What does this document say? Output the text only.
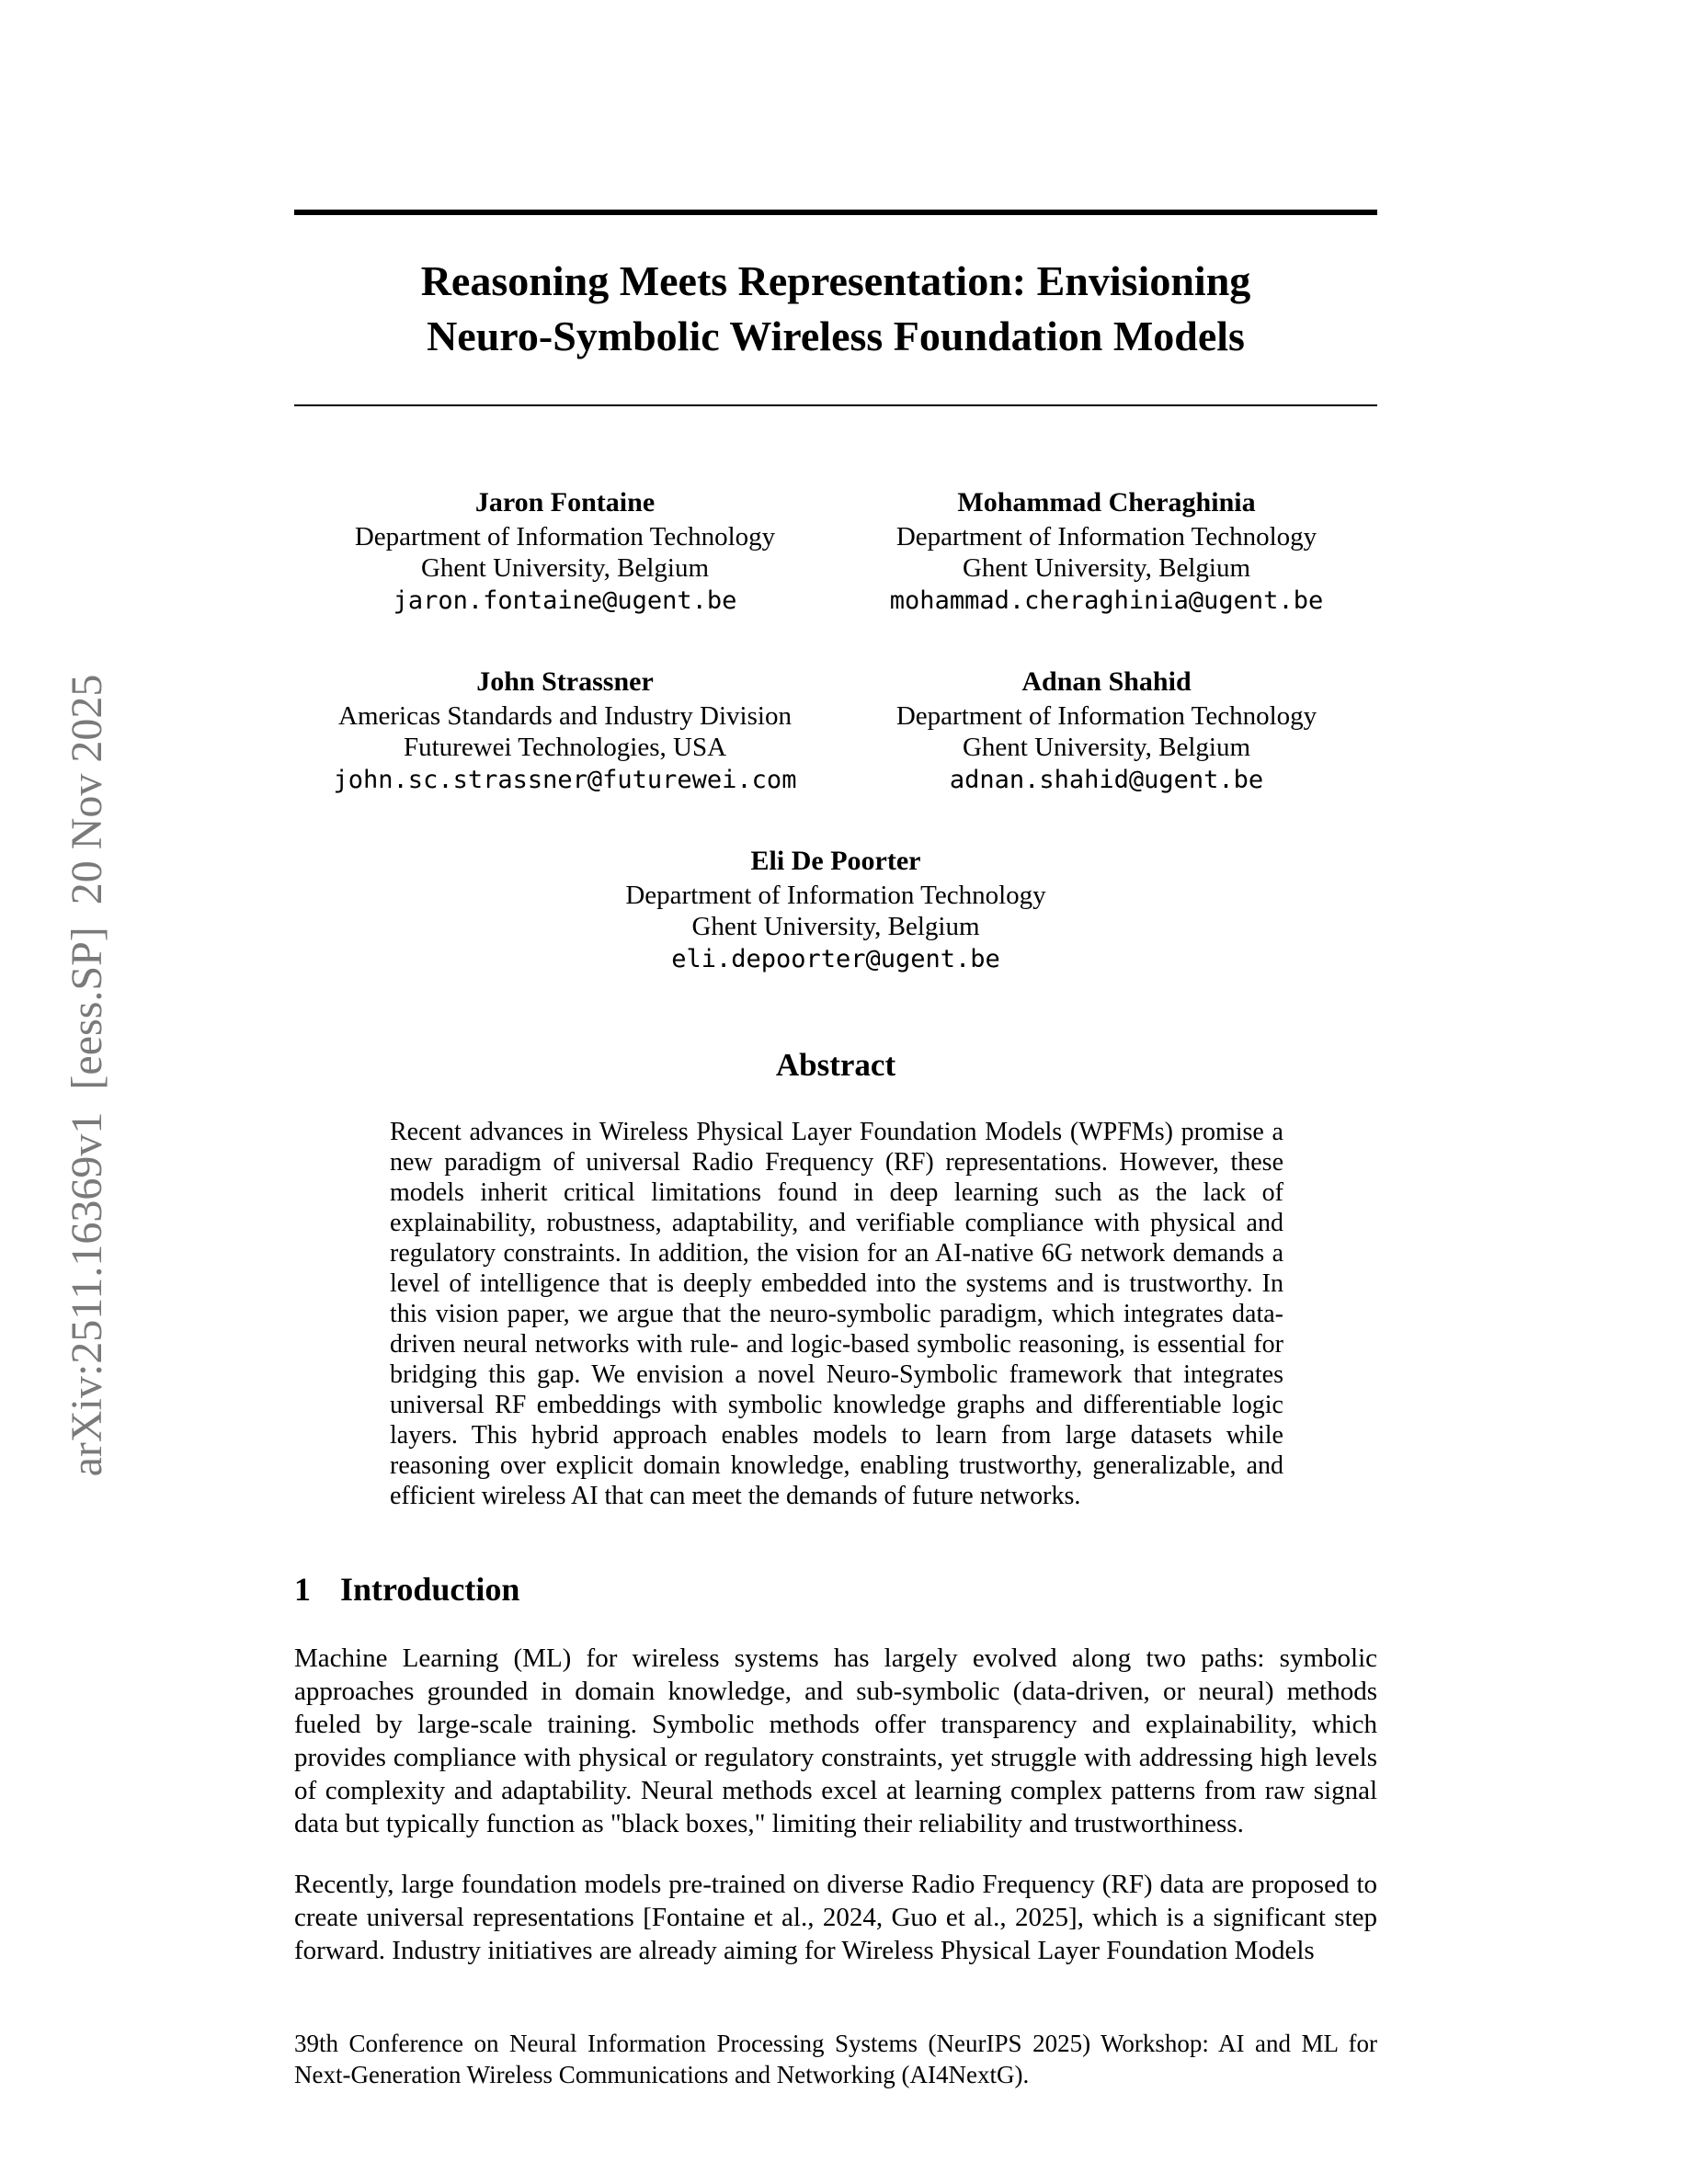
arXiv:2511.16369v1  [eess.SP]  20 Nov 2025
Reasoning Meets Representation: Envisioning
Neuro-Symbolic Wireless Foundation Models
Jaron Fontaine
Department of Information Technology
Ghent University, Belgium
jaron.fontaine@ugent.be
Mohammad Cheraghinia
Department of Information Technology
Ghent University, Belgium
mohammad.cheraghinia@ugent.be
John Strassner
Americas Standards and Industry Division
Futurewei Technologies, USA
john.sc.strassner@futurewei.com
Adnan Shahid
Department of Information Technology
Ghent University, Belgium
adnan.shahid@ugent.be
Eli De Poorter
Department of Information Technology
Ghent University, Belgium
eli.depoorter@ugent.be
Abstract

Recent advances in Wireless Physical Layer Foundation Models (WPFMs) promise a new paradigm of universal Radio Frequency (RF) representations. However, these models inherit critical limitations found in deep learning such as the lack of explainability, robustness, adaptability, and verifiable compliance with physical and regulatory constraints. In addition, the vision for an AI-native 6G network demands a level of intelligence that is deeply embedded into the systems and is trustworthy. In this vision paper, we argue that the neuro-symbolic paradigm, which integrates data-driven neural networks with rule- and logic-based symbolic reasoning, is essential for bridging this gap. We envision a novel Neuro-Symbolic framework that integrates universal RF embeddings with symbolic knowledge graphs and differentiable logic layers. This hybrid approach enables models to learn from large datasets while reasoning over explicit domain knowledge, enabling trustworthy, generalizable, and efficient wireless AI that can meet the demands of future networks.

1 Introduction

Machine Learning (ML) for wireless systems has largely evolved along two paths: symbolic approaches grounded in domain knowledge, and sub-symbolic (data-driven, or neural) methods fueled by large-scale training. Symbolic methods offer transparency and explainability, which provides compliance with physical or regulatory constraints, yet struggle with addressing high levels of complexity and adaptability. Neural methods excel at learning complex patterns from raw signal data but typically function as "black boxes," limiting their reliability and trustworthiness.

Recently, large foundation models pre-trained on diverse Radio Frequency (RF) data are proposed to create universal representations [Fontaine et al., 2024, Guo et al., 2025], which is a significant step forward. Industry initiatives are already aiming for Wireless Physical Layer Foundation Models

39th Conference on Neural Information Processing Systems (NeurIPS 2025) Workshop: AI and ML for Next-Generation Wireless Communications and Networking (AI4NextG).
